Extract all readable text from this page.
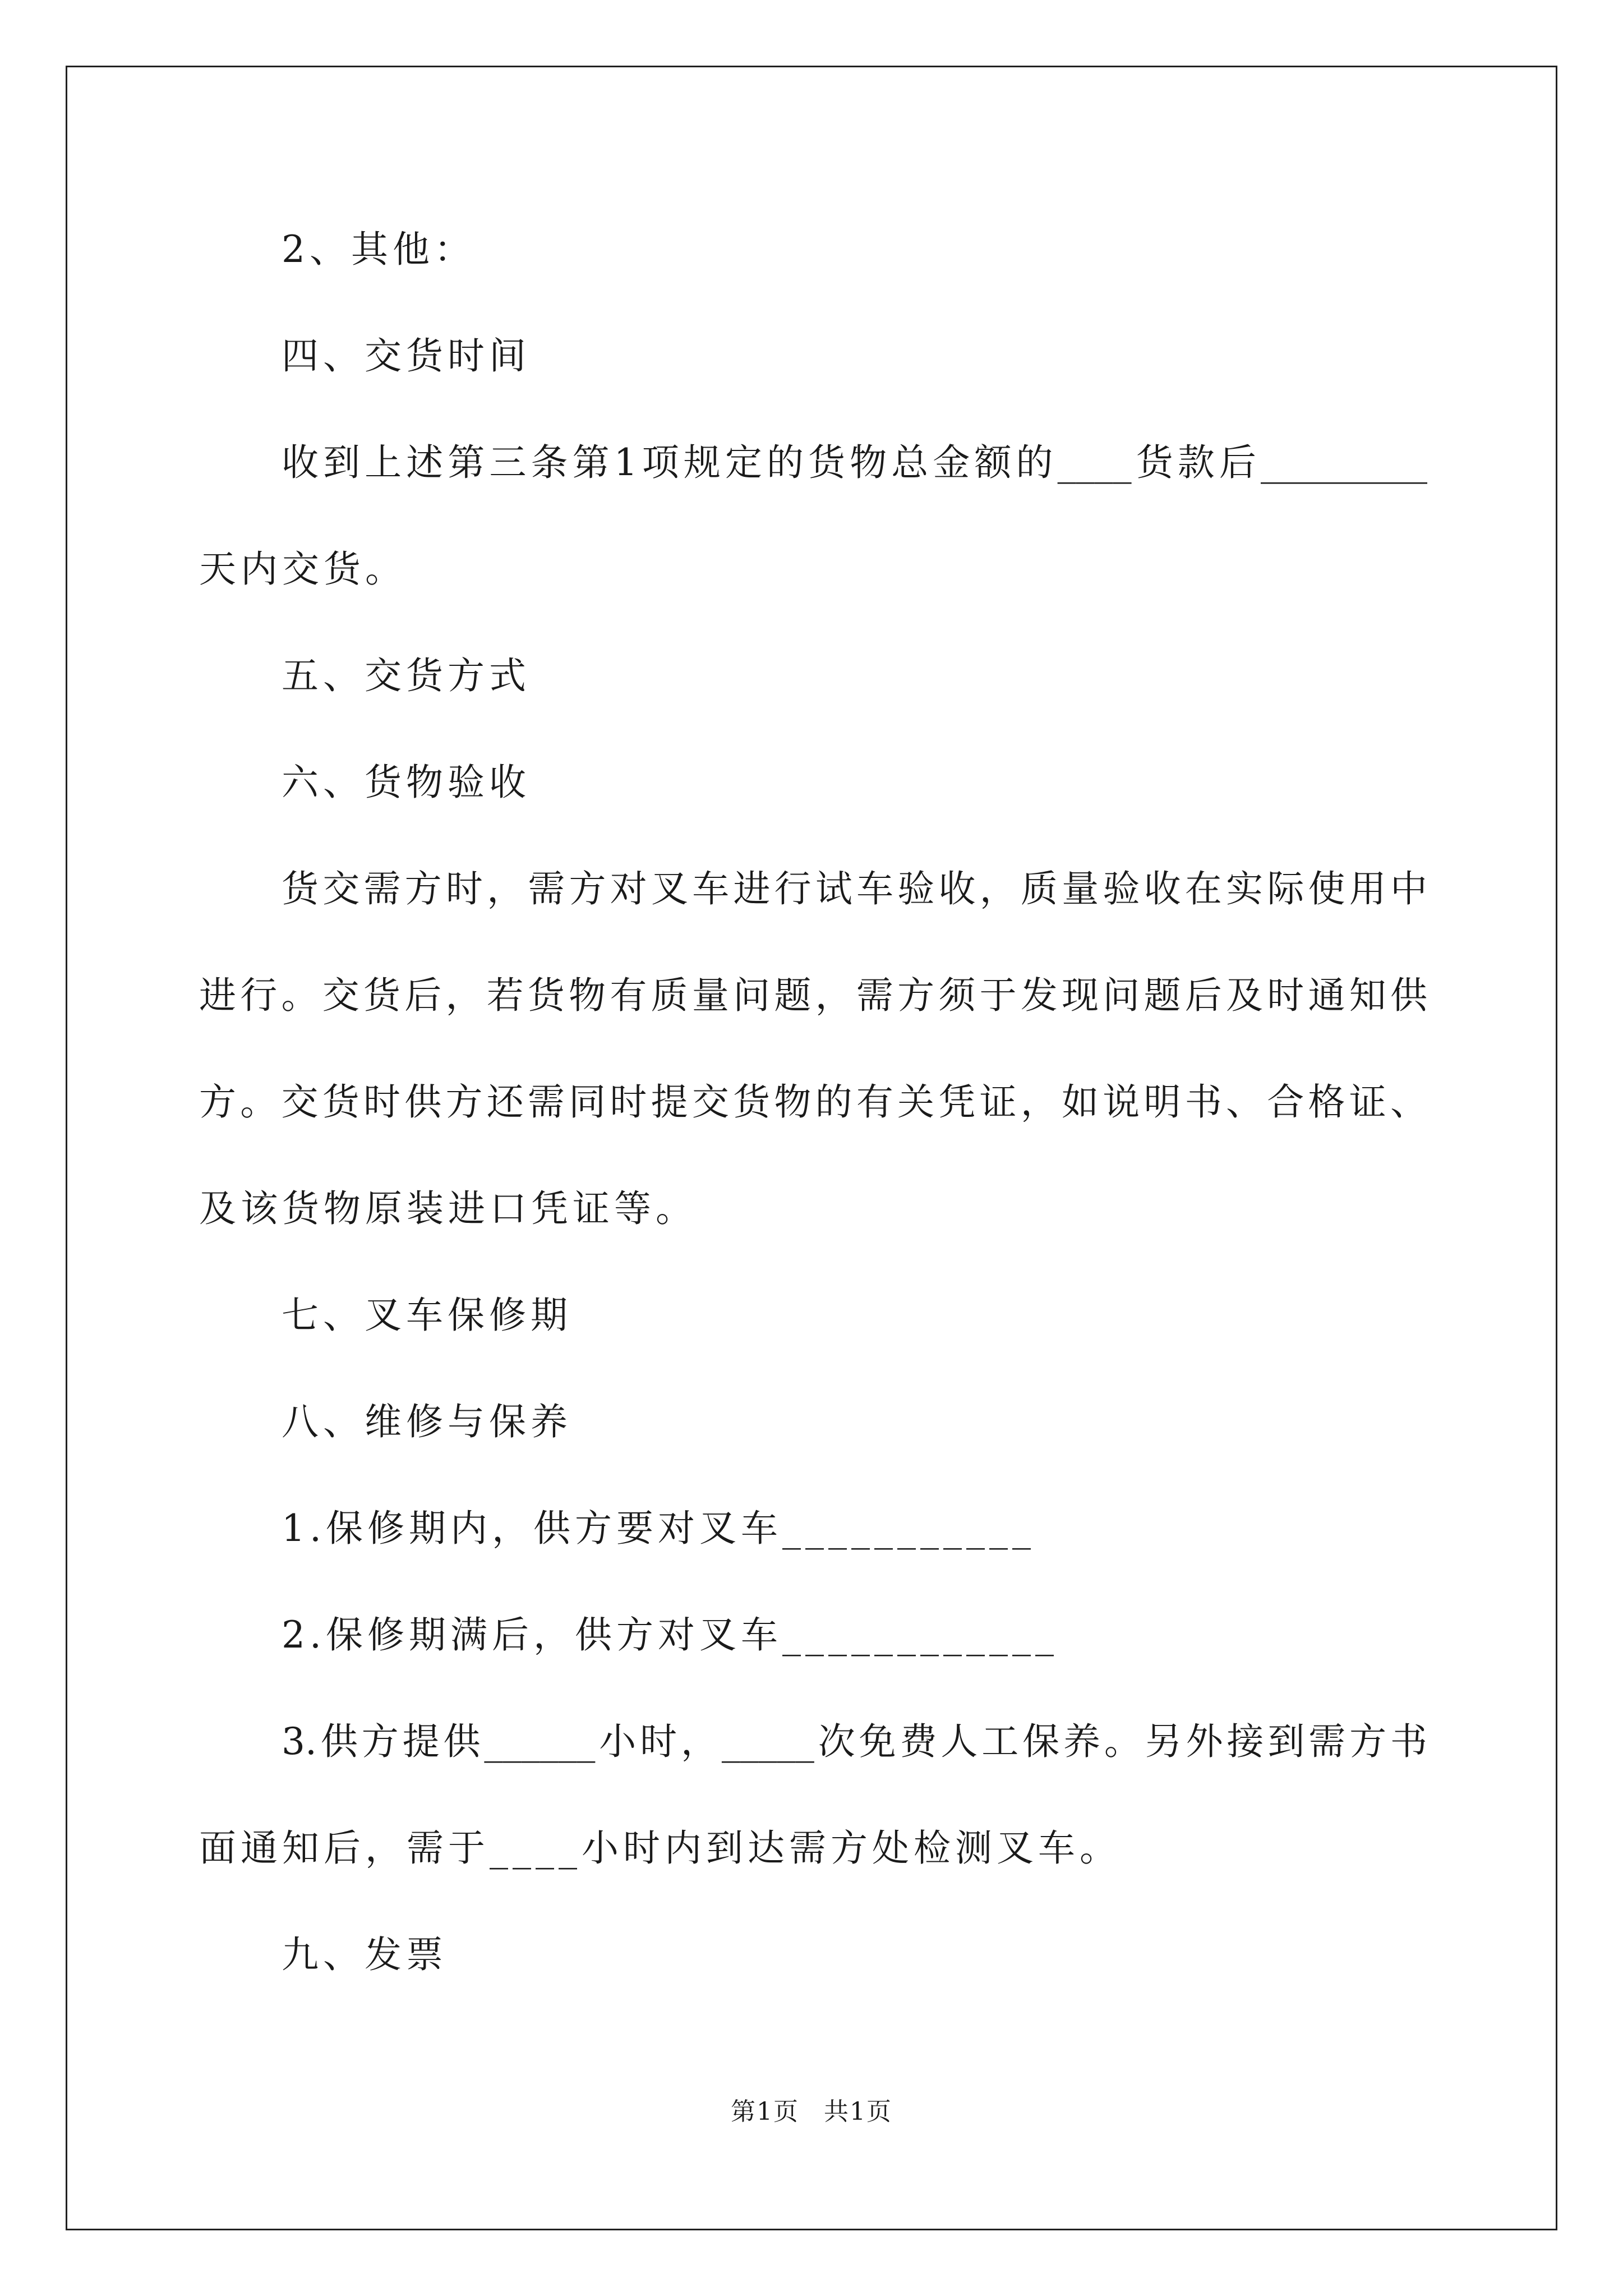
2、其他：
四、交货时间
收到上述第三条第1项规定的货物总金额的____货款后_________
天内交货。
五、交货方式
六、货物验收
货交需方时，需方对叉车进行试车验收，质量验收在实际使用中
进行。交货后，若货物有质量问题，需方须于发现问题后及时通知供
方。交货时供方还需同时提交货物的有关凭证，如说明书、合格证、
及该货物原装进口凭证等。
七、叉车保修期
八、维修与保养
1.保修期内，供方要对叉车___________
2.保修期满后，供方对叉车____________
3.供方提供______小时，_____次免费人工保养。另外接到需方书
面通知后，需于____小时内到达需方处检测叉车。
九、发票
第1页 共1页
